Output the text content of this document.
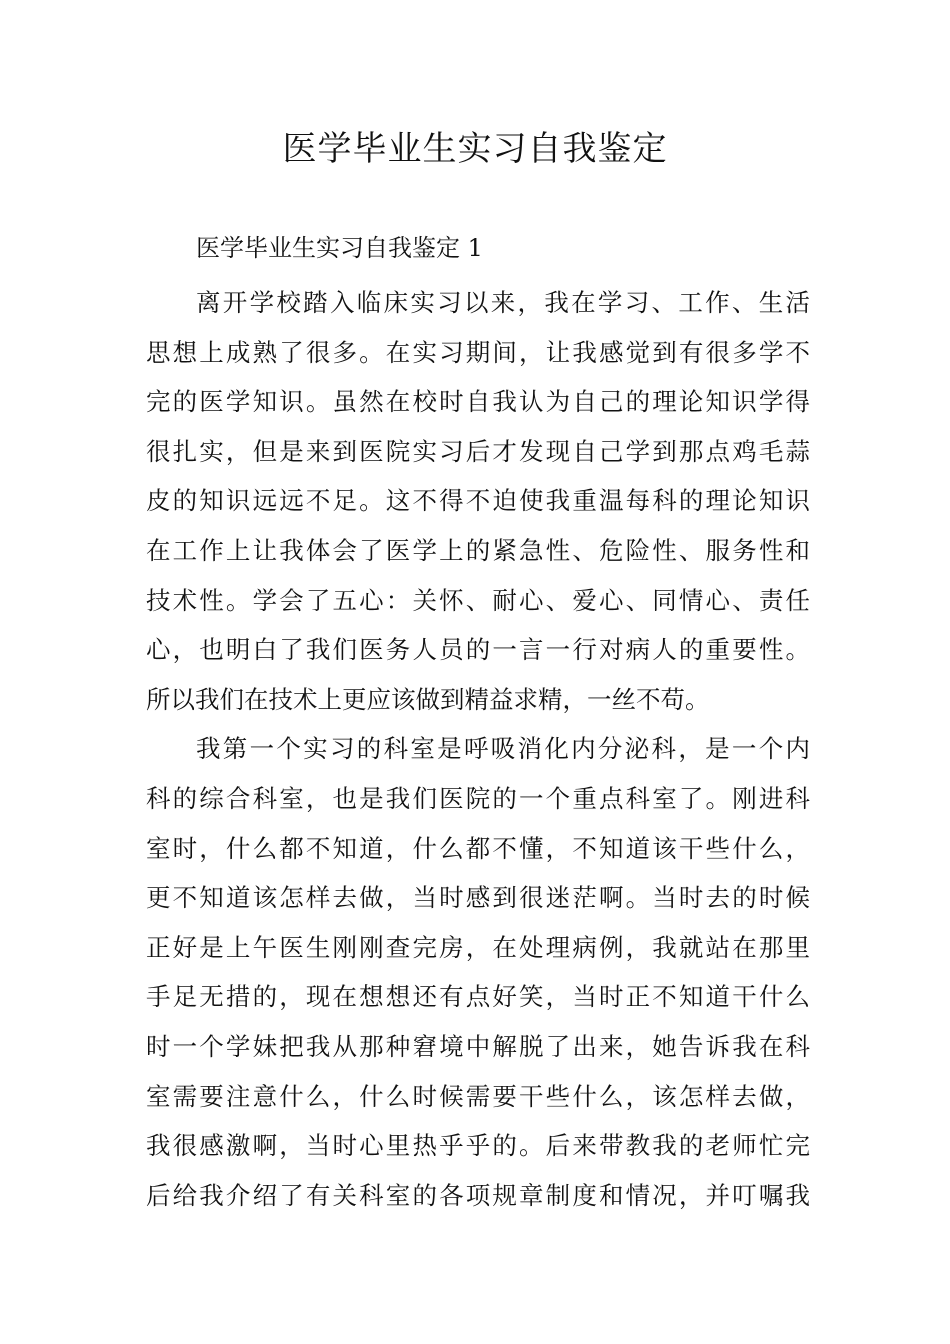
医学毕业生实习自我鉴定
医学毕业生实习自我鉴定 1

离开学校踏入临床实习以来，我在学习、工作、生活
思想上成熟了很多。在实习期间，让我感觉到有很多学不
完的医学知识。虽然在校时自我认为自己的理论知识学得
很扎实，但是来到医院实习后才发现自己学到那点鸡毛蒜
皮的知识远远不足。这不得不迫使我重温每科的理论知识
在工作上让我体会了医学上的紧急性、危险性、服务性和
技术性。学会了五心：关怀、耐心、爱心、同情心、责任
心，也明白了我们医务人员的一言一行对病人的重要性。
所以我们在技术上更应该做到精益求精，一丝不苟。

我第一个实习的科室是呼吸消化内分泌科，是一个内
科的综合科室，也是我们医院的一个重点科室了。刚进科
室时，什么都不知道，什么都不懂，不知道该干些什么，
更不知道该怎样去做，当时感到很迷茫啊。当时去的时候
正好是上午医生刚刚查完房，在处理病例，我就站在那里
手足无措的，现在想想还有点好笑，当时正不知道干什么
时一个学妹把我从那种窘境中解脱了出来，她告诉我在科
室需要注意什么，什么时候需要干些什么，该怎样去做，
我很感激啊，当时心里热乎乎的。后来带教我的老师忙完
后给我介绍了有关科室的各项规章制度和情况，并叮嘱我
